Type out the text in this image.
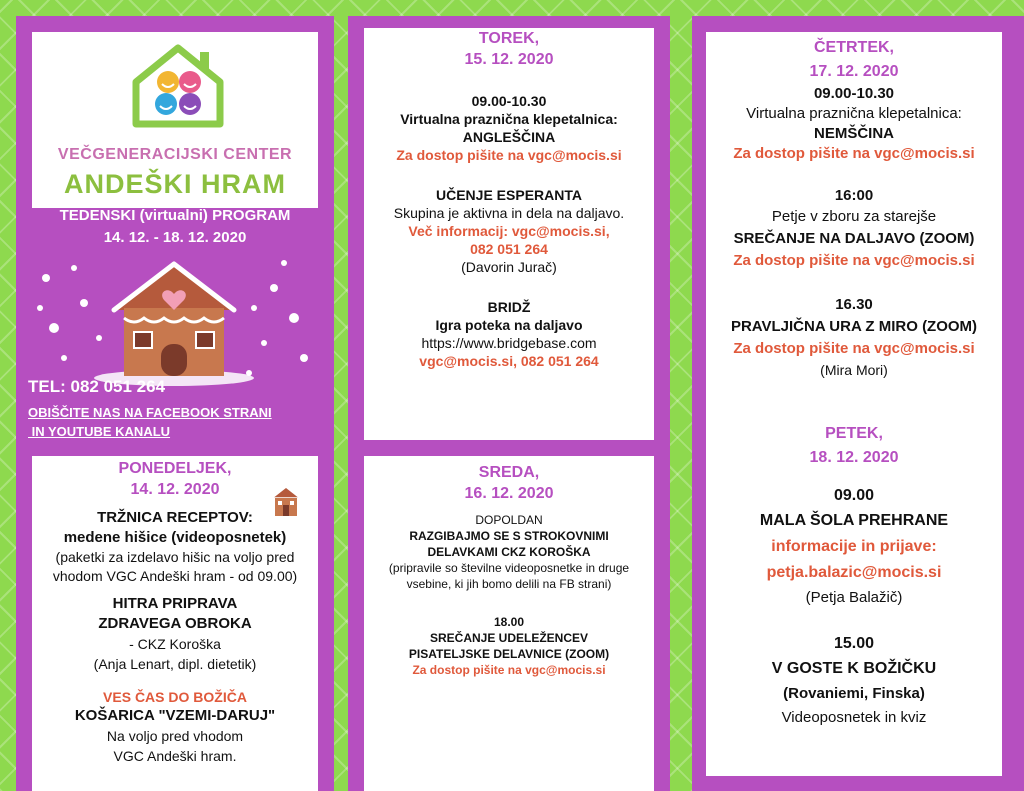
VEČGENERACIJSKI CENTER
ANDEŠKI HRAM
TEDENSKI (virtualni) PROGRAM
14. 12. - 18. 12. 2020
TEL: 082 051 264
OBIŠČITE NAS NA FACEBOOK STRANI
IN YOUTUBE KANALU
PONEDELJEK,
14. 12. 2020
TRŽNICA RECEPTOV:
medene hišice (videoposnetek)
(paketki za izdelavo hišic na voljo pred
vhodom VGC Andeški hram - od 09.00)
HITRA PRIPRAVA
ZDRAVEGA OBROKA
- CKZ Koroška
(Anja Lenart, dipl. dietetik)
VES ČAS DO BOŽIČA
KOŠARICA "VZEMI-DARUJ"
Na voljo pred vhodom
VGC Andeški hram.
TOREK,
15. 12. 2020
09.00-10.30
Virtualna praznična klepetalnica:
ANGLEŠČINA
Za dostop pišite na vgc@mocis.si
UČENJE ESPERANTA
Skupina je aktivna in dela na daljavo.
Več informacij: vgc@mocis.si,
082 051 264
(Davorin Jurač)
BRIDŽ
Igra poteka na daljavo
https://www.bridgebase.com
vgc@mocis.si, 082 051 264
SREDA,
16. 12. 2020
DOPOLDAN
RAZGIBAJMO SE S STROKOVNIMI
DELAVKAMI CKZ KOROŠKA
(pripravile so številne videoposnetke in druge
vsebine, ki jih bomo delili na FB strani)
18.00
SREČANJE UDELEŽENCEV
PISATELJSKE DELAVNICE (ZOOM)
Za dostop pišite na vgc@mocis.si
ČETRTEK,
17. 12. 2020
09.00-10.30
Virtualna praznična klepetalnica:
NEMŠČINA
Za dostop pišite na vgc@mocis.si
16:00
Petje v zboru za starejše
SREČANJE NA DALJAVO (ZOOM)
Za dostop pišite na vgc@mocis.si
16.30
PRAVLJIČNA URA Z MIRO (ZOOM)
Za dostop pišite na vgc@mocis.si
(Mira Mori)
PETEK,
18. 12. 2020
09.00
MALA ŠOLA PREHRANE
informacije in prijave:
petja.balazic@mocis.si
(Petja Balažič)
15.00
V GOSTE K BOŽIČKU
(Rovaniemi, Finska)
Videoposnetek in kviz
